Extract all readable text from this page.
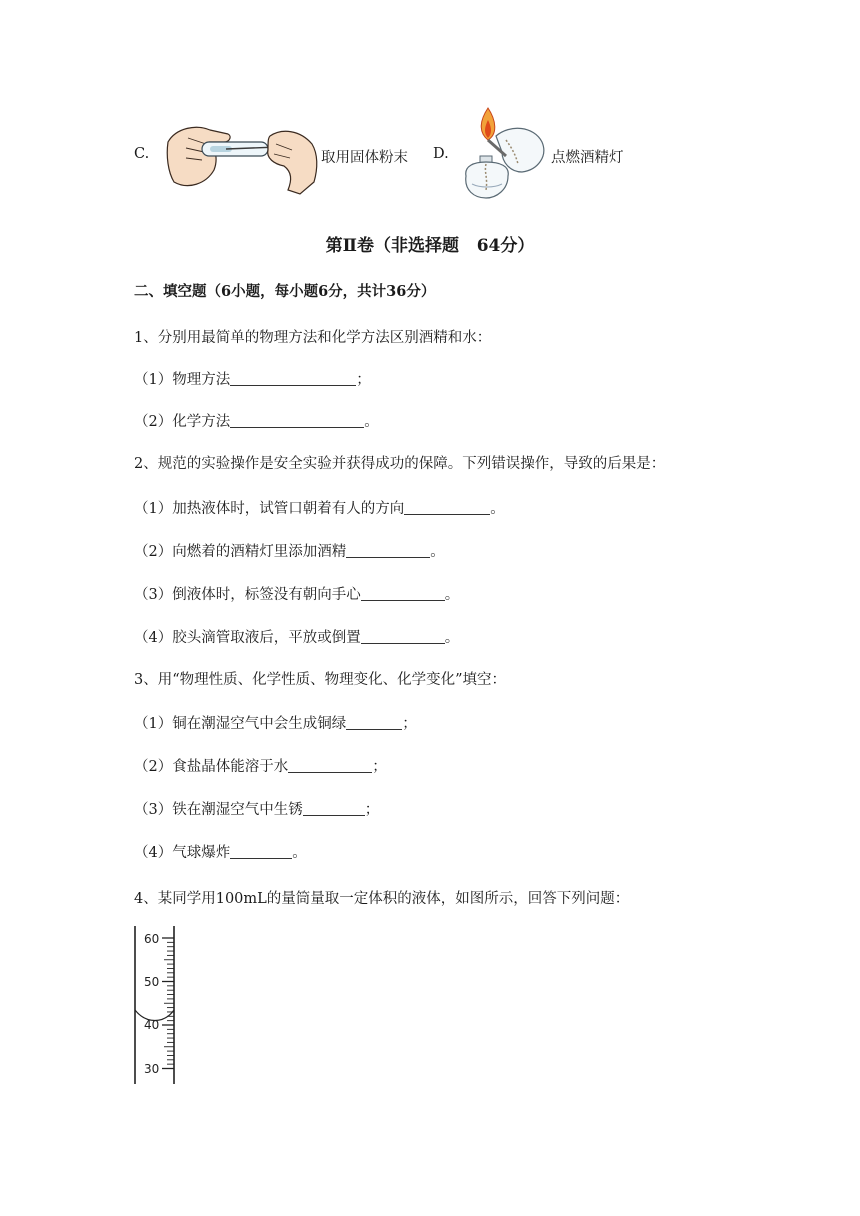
C.	取用固体粉末 D.	点燃酒精灯
第Ⅱ卷（非选择题   64分）
二、填空题（6小题，每小题6分，共计36分）
1、分别用最简单的物理方法和化学方法区别酒精和水：
（1）物理方法	；
（2）化学方法	。
2、规范的实验操作是安全实验并获得成功的保障。下列错误操作，导致的后果是：
（1）加热液体时，试管口朝着有人的方向	。
（2）向燃着的酒精灯里添加酒精	。
（3）倒液体时，标签没有朝向手心	。
（4）胶头滴管取液后，平放或倒置	。
3、用“物理性质、化学性质、物理变化、化学变化”填空：
（1）铜在潮湿空气中会生成铜绿	；
（2）食盐晶体能溶于水	；
（3）铁在潮湿空气中生锈	；
（4）气球爆炸	。
4、某同学用100mL的量筒量取一定体积的液体，如图所示，回答下列问题：
60
50
40
30
